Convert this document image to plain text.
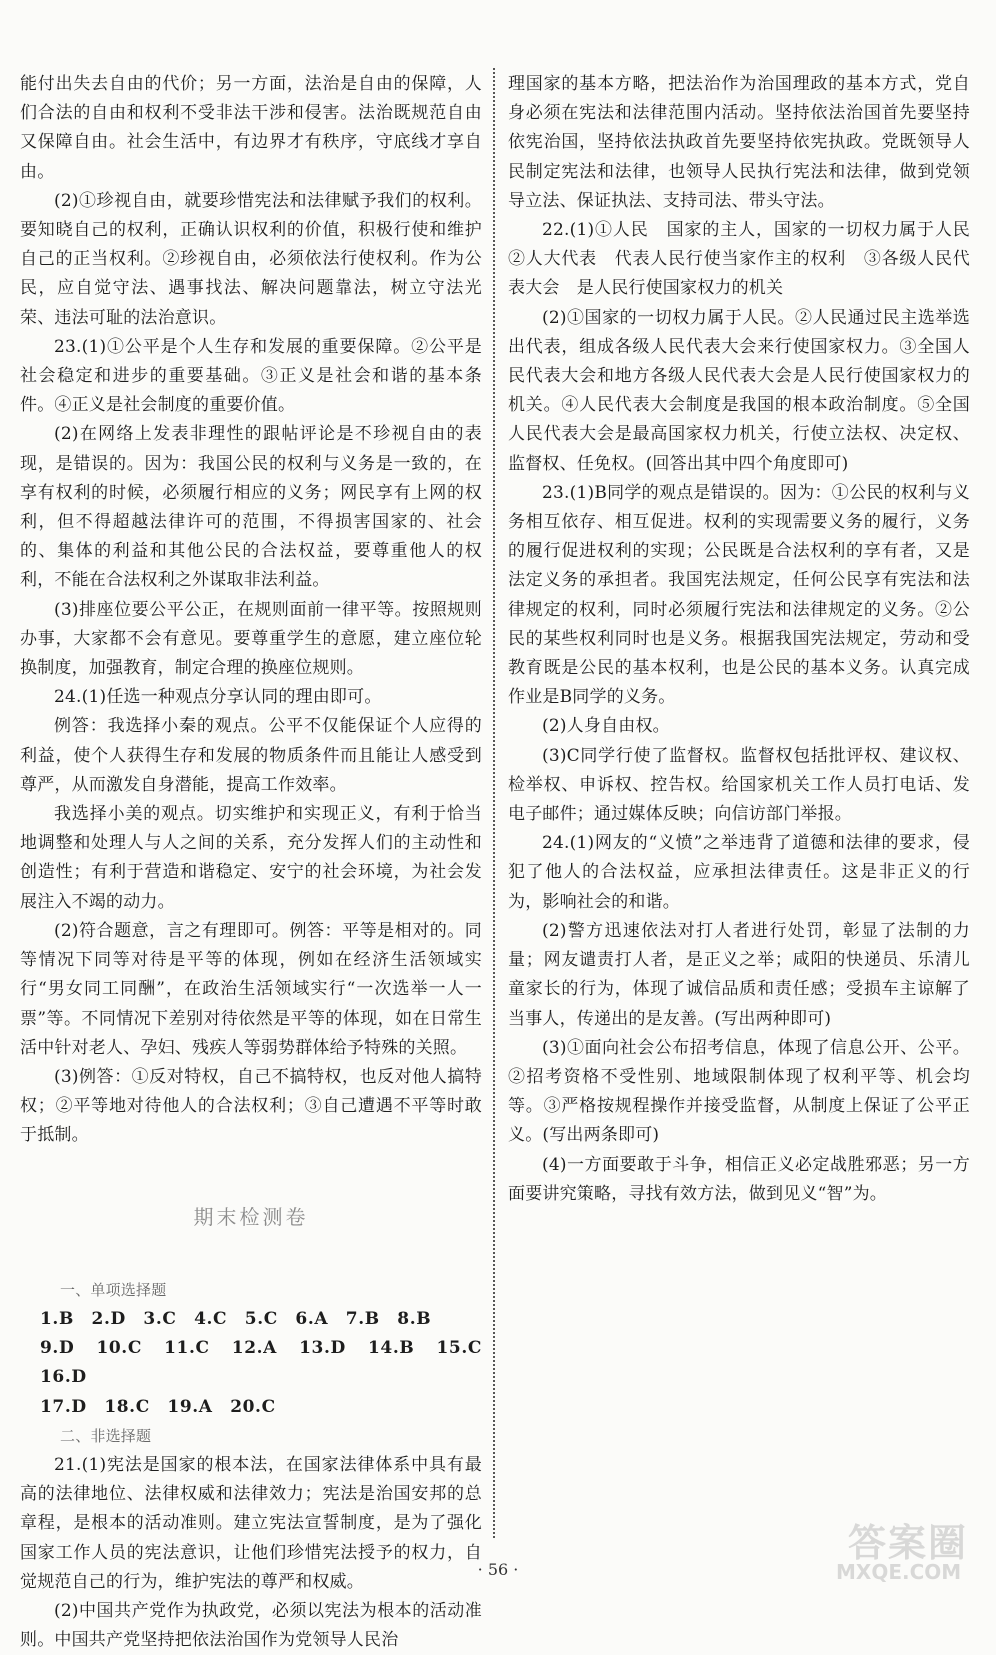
能付出失去自由的代价；另一方面，法治是自由的保障，人们合法的自由和权利不受非法干涉和侵害。法治既规范自由又保障自由。社会生活中，有边界才有秩序，守底线才享自由。

(2)①珍视自由，就要珍惜宪法和法律赋予我们的权利。要知晓自己的权利，正确认识权利的价值，积极行使和维护自己的正当权利。②珍视自由，必须依法行使权利。作为公民，应自觉守法、遇事找法、解决问题靠法，树立守法光荣、违法可耻的法治意识。

23.(1)①公平是个人生存和发展的重要保障。②公平是社会稳定和进步的重要基础。③正义是社会和谐的基本条件。④正义是社会制度的重要价值。

(2)在网络上发表非理性的跟帖评论是不珍视自由的表现，是错误的。因为：我国公民的权利与义务是一致的，在享有权利的时候，必须履行相应的义务；网民享有上网的权利，但不得超越法律许可的范围，不得损害国家的、社会的、集体的利益和其他公民的合法权益，要尊重他人的权利，不能在合法权利之外谋取非法利益。

(3)排座位要公平公正，在规则面前一律平等。按照规则办事，大家都不会有意见。要尊重学生的意愿，建立座位轮换制度，加强教育，制定合理的换座位规则。

24.(1)任选一种观点分享认同的理由即可。

例答：我选择小秦的观点。公平不仅能保证个人应得的利益，使个人获得生存和发展的物质条件而且能让人感受到尊严，从而激发自身潜能，提高工作效率。

我选择小美的观点。切实维护和实现正义，有利于恰当地调整和处理人与人之间的关系，充分发挥人们的主动性和创造性；有利于营造和谐稳定、安宁的社会环境，为社会发展注入不竭的动力。

(2)符合题意，言之有理即可。例答：平等是相对的。同等情况下同等对待是平等的体现，例如在经济生活领域实行“男女同工同酬”，在政治生活领域实行“一次选举一人一票”等。不同情况下差别对待依然是平等的体现，如在日常生活中针对老人、孕妇、残疾人等弱势群体给予特殊的关照。

(3)例答：①反对特权，自己不搞特权，也反对他人搞特权；②平等地对待他人的合法权利；③自己遭遇不平等时敢于抵制。

期末检测卷

一、单项选择题

1.B　2.D　3.C　4.C　5.C　6.A　7.B　8.B

9.D　10.C　11.C　12.A　13.D　14.B　15.C　16.D

17.D　18.C　19.A　20.C

二、非选择题

21.(1)宪法是国家的根本法，在国家法律体系中具有最高的法律地位、法律权威和法律效力；宪法是治国安邦的总章程，是根本的活动准则。建立宪法宣誓制度，是为了强化国家工作人员的宪法意识，让他们珍惜宪法授予的权力，自觉规范自己的行为，维护宪法的尊严和权威。

(2)中国共产党作为执政党，必须以宪法为根本的活动准则。中国共产党坚持把依法治国作为党领导人民治

理国家的基本方略，把法治作为治国理政的基本方式，党自身必须在宪法和法律范围内活动。坚持依法治国首先要坚持依宪治国，坚持依法执政首先要坚持依宪执政。党既领导人民制定宪法和法律，也领导人民执行宪法和法律，做到党领导立法、保证执法、支持司法、带头守法。

22.(1)①人民　国家的主人，国家的一切权力属于人民　②人大代表　代表人民行使当家作主的权利　③各级人民代表大会　是人民行使国家权力的机关

(2)①国家的一切权力属于人民。②人民通过民主选举选出代表，组成各级人民代表大会来行使国家权力。③全国人民代表大会和地方各级人民代表大会是人民行使国家权力的机关。④人民代表大会制度是我国的根本政治制度。⑤全国人民代表大会是最高国家权力机关，行使立法权、决定权、监督权、任免权。(回答出其中四个角度即可)

23.(1)B同学的观点是错误的。因为：①公民的权利与义务相互依存、相互促进。权利的实现需要义务的履行，义务的履行促进权利的实现；公民既是合法权利的享有者，又是法定义务的承担者。我国宪法规定，任何公民享有宪法和法律规定的权利，同时必须履行宪法和法律规定的义务。②公民的某些权利同时也是义务。根据我国宪法规定，劳动和受教育既是公民的基本权利，也是公民的基本义务。认真完成作业是B同学的义务。

(2)人身自由权。

(3)C同学行使了监督权。监督权包括批评权、建议权、检举权、申诉权、控告权。给国家机关工作人员打电话、发电子邮件；通过媒体反映；向信访部门举报。

24.(1)网友的“义愤”之举违背了道德和法律的要求，侵犯了他人的合法权益，应承担法律责任。这是非正义的行为，影响社会的和谐。

(2)警方迅速依法对打人者进行处罚，彰显了法制的力量；网友谴责打人者，是正义之举；咸阳的快递员、乐清儿童家长的行为，体现了诚信品质和责任感；受损车主谅解了当事人，传递出的是友善。(写出两种即可)

(3)①面向社会公布招考信息，体现了信息公开、公平。②招考资格不受性别、地域限制体现了权利平等、机会均等。③严格按规程操作并接受监督，从制度上保证了公平正义。(写出两条即可)

(4)一方面要敢于斗争，相信正义必定战胜邪恶；另一方面要讲究策略，寻找有效方法，做到见义“智”为。

· 56 ·
答案圈
MXQE.COM
